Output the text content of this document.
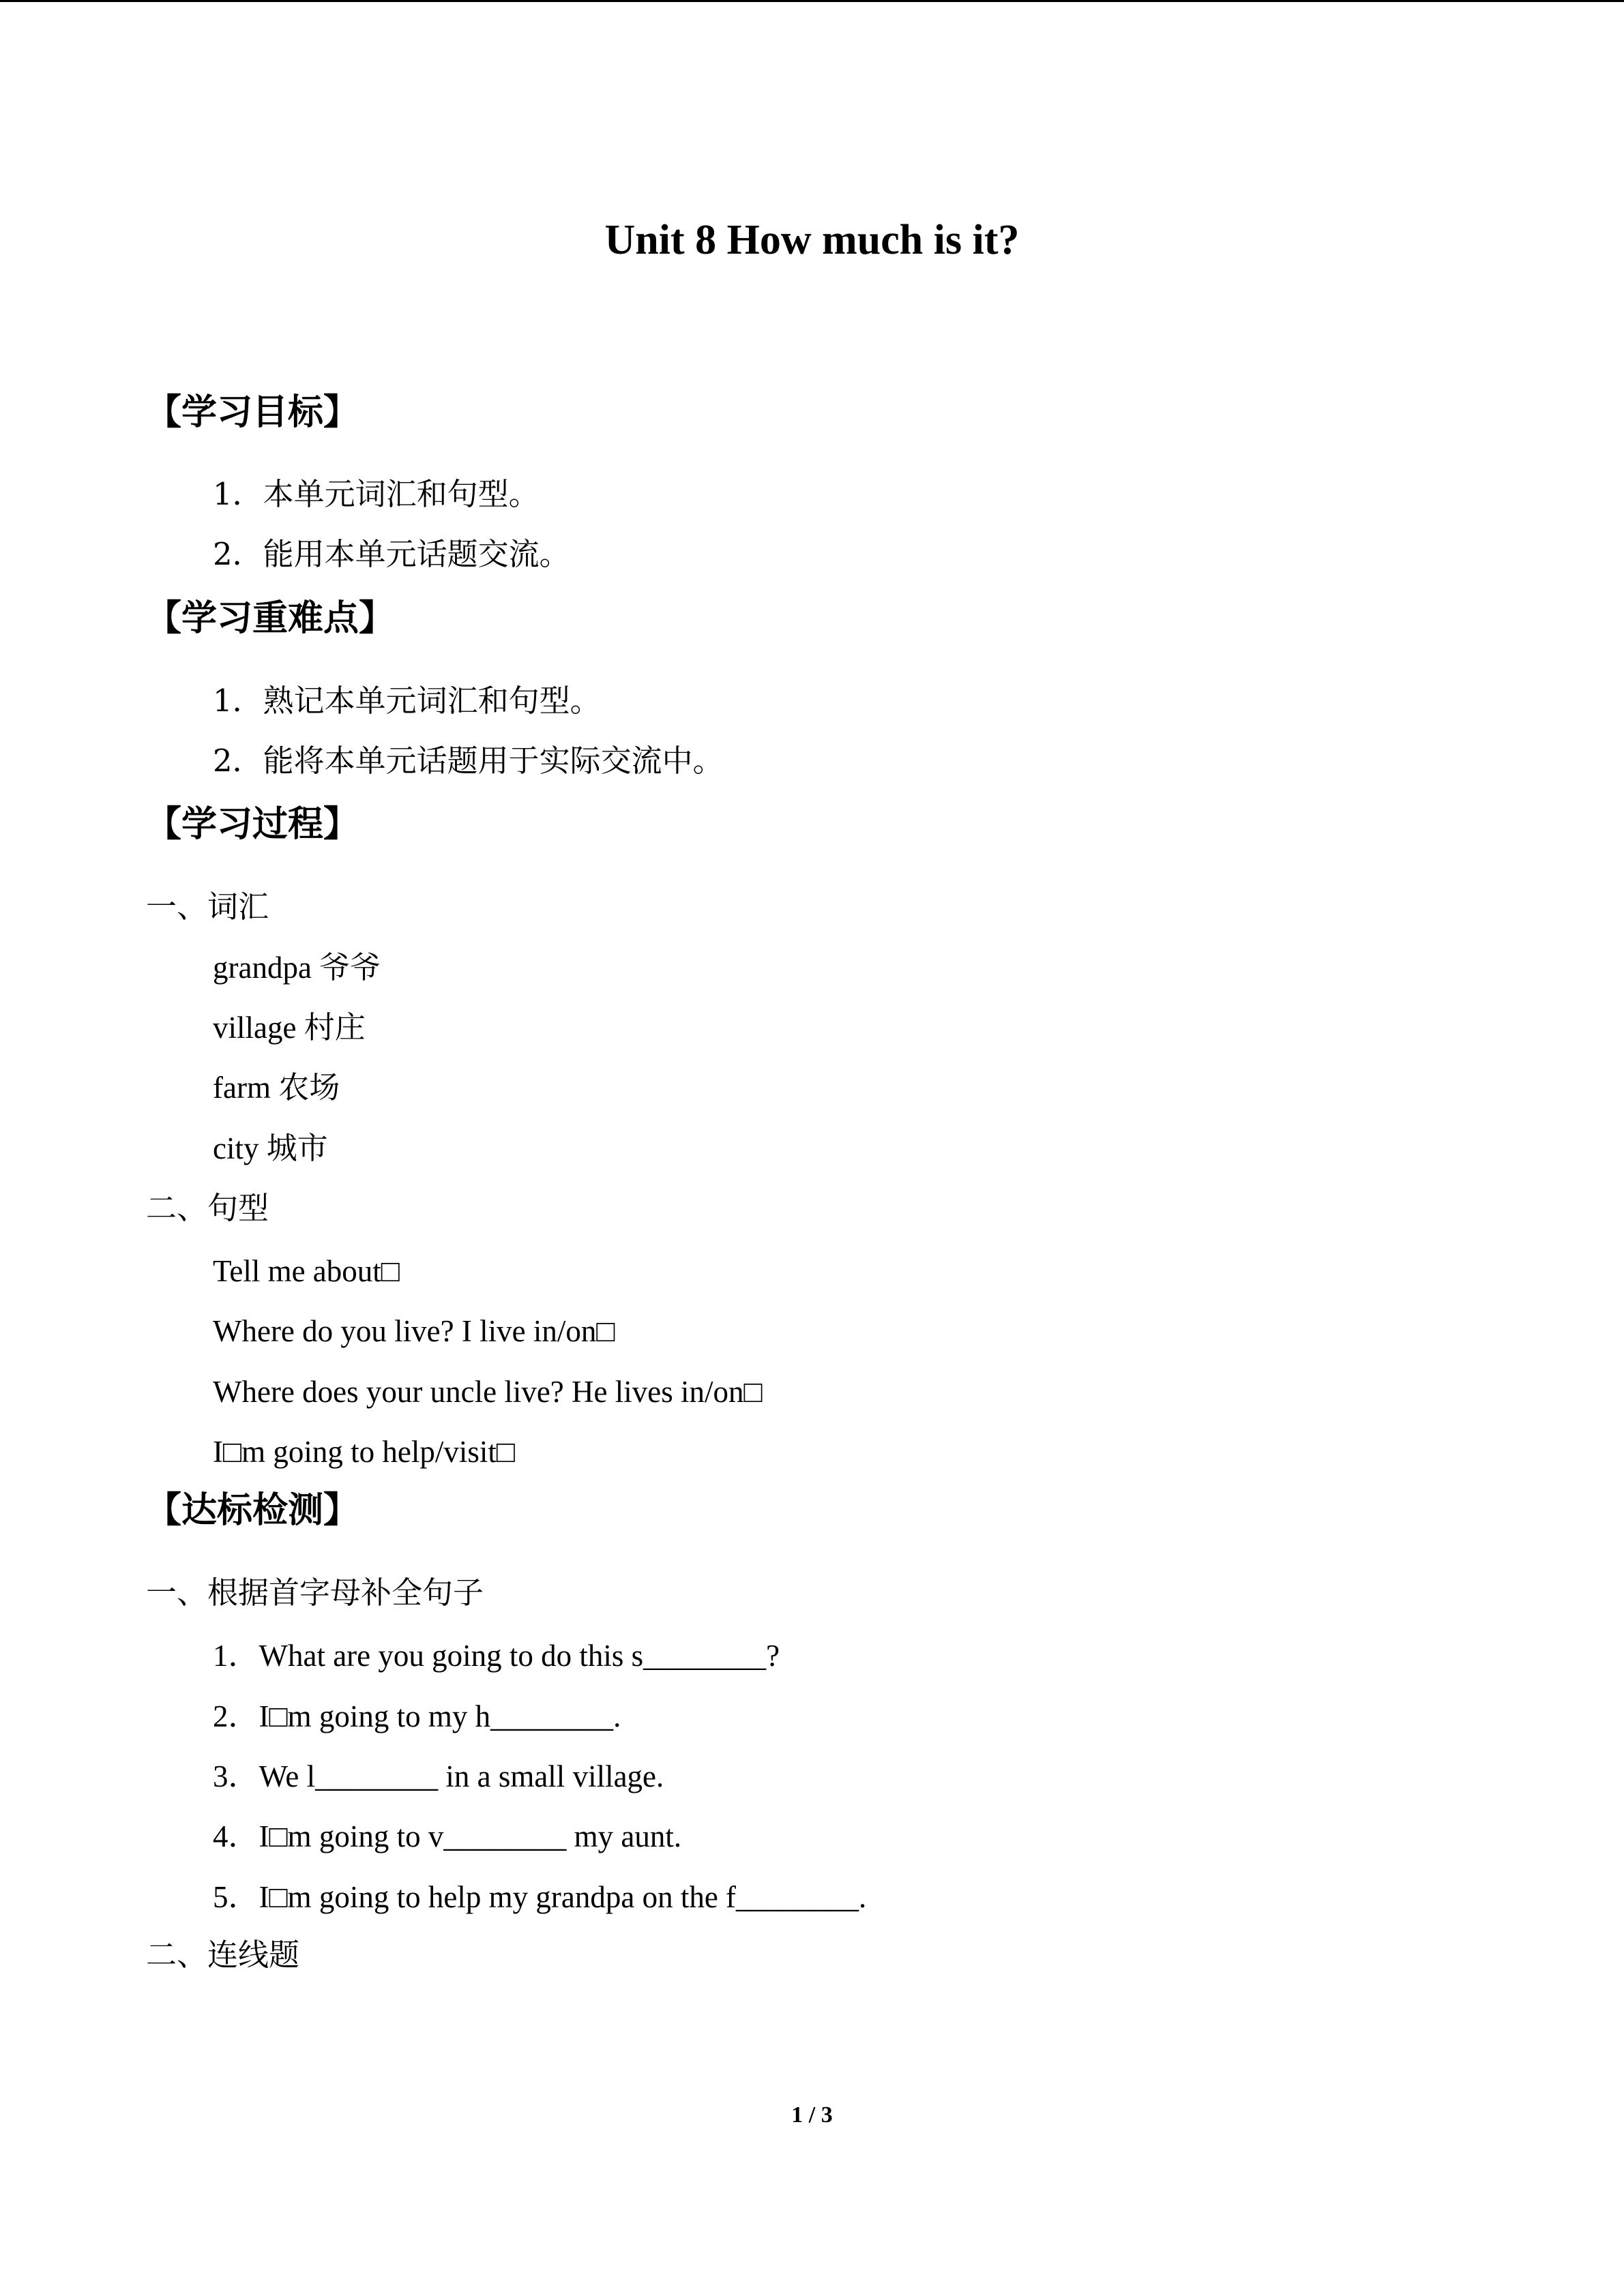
Unit 8 How much is it?
【学习目标】
1．本单元词汇和句型。
2．能用本单元话题交流。
【学习重难点】
1．熟记本单元词汇和句型。
2．能将本单元话题用于实际交流中。
【学习过程】
一、词汇
grandpa 爷爷
village 村庄
farm 农场
city 城市
二、句型
Tell me about□
Where do you live? I live in/on□
Where does your uncle live? He lives in/on□
I□m going to help/visit□
【达标检测】
一、根据首字母补全句子
1．What are you going to do this s________?
2．I□m going to my h________.
3．We l________ in a small village.
4．I□m going to v________ my aunt.
5．I□m going to help my grandpa on the f________.
二、连线题
1 / 3
